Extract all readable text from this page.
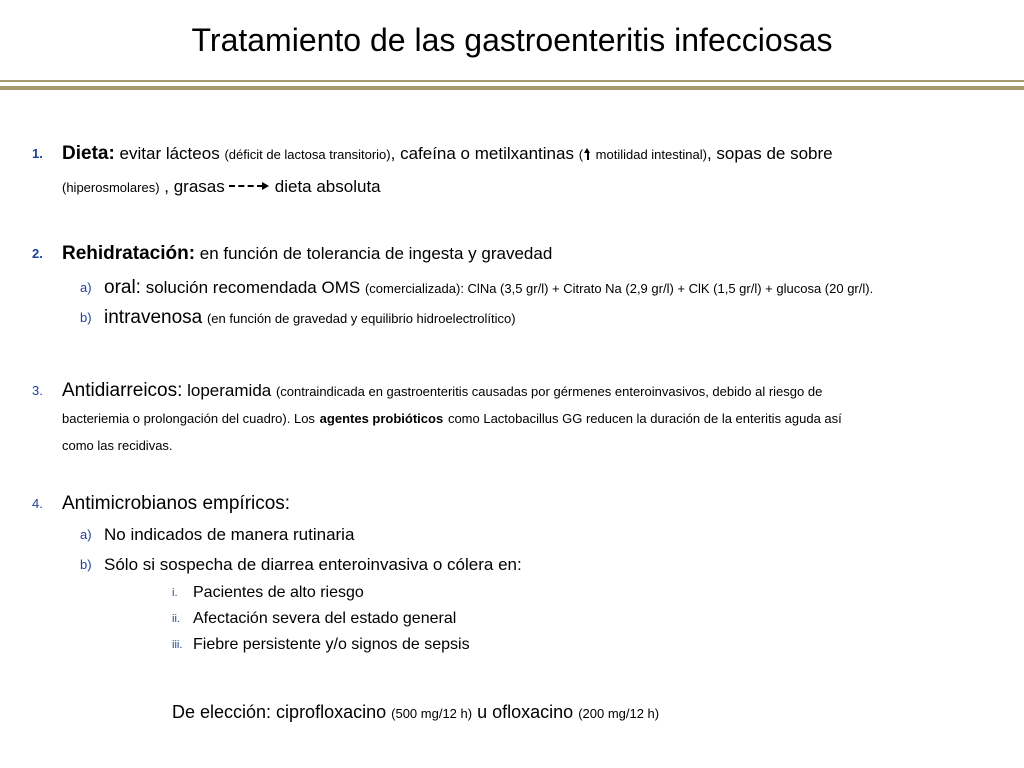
Tratamiento de las gastroenteritis infecciosas
1.	Dieta: evitar lácteos (déficit de lactosa transitorio), cafeína o metilxantinas ( motilidad intestinal), sopas de sobre
(hiperosmolares) , grasas	dieta absoluta
2.	Rehidratación: en función de tolerancia de ingesta y gravedad
a) oral: solución recomendada OMS (comercializada): ClNa (3,5 gr/l) + Citrato Na (2,9 gr/l) + ClK (1,5 gr/l) + glucosa (20 gr/l).
b) intravenosa (en función de gravedad y equilibrio hidroelectrolítico)
3.	Antidiarreicos: loperamida (contraindicada en gastroenteritis causadas por gérmenes enteroinvasivos, debido al riesgo de
bacteriemia o prolongación del cuadro). Los agentes probióticos como Lactobacillus GG reducen la duración de la enteritis aguda así
como las recidivas.
4.	Antimicrobianos empíricos:
a) No indicados de manera rutinaria
b) Sólo si sospecha de diarrea enteroinvasiva o cólera en:
i. Pacientes de alto riesgo
ii. Afectación severa del estado general
iii. Fiebre persistente y/o signos de sepsis
De elección: ciprofloxacino (500 mg/12 h) u ofloxacino (200 mg/12 h)
